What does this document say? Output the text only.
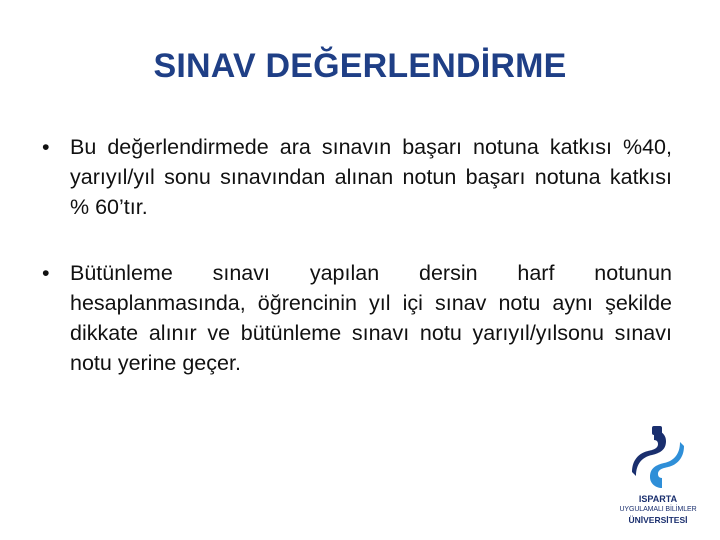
SINAV DEĞERLENDİRME
• Bu değerlendirmede ara sınavın başarı notuna katkısı %40, yarıyıl/yıl sonu sınavından alınan notun başarı notuna katkısı % 60’tır.
• Bütünleme sınavı yapılan dersin harf notunun hesaplanmasında, öğrencinin yıl içi sınav notu aynı şekilde dikkate alınır ve bütünleme sınavı notu yarıyıl/yılsonu sınavı notu yerine geçer.
ISPARTA
UYGULAMALI BİLİMLER
ÜNİVERSİTESİ
